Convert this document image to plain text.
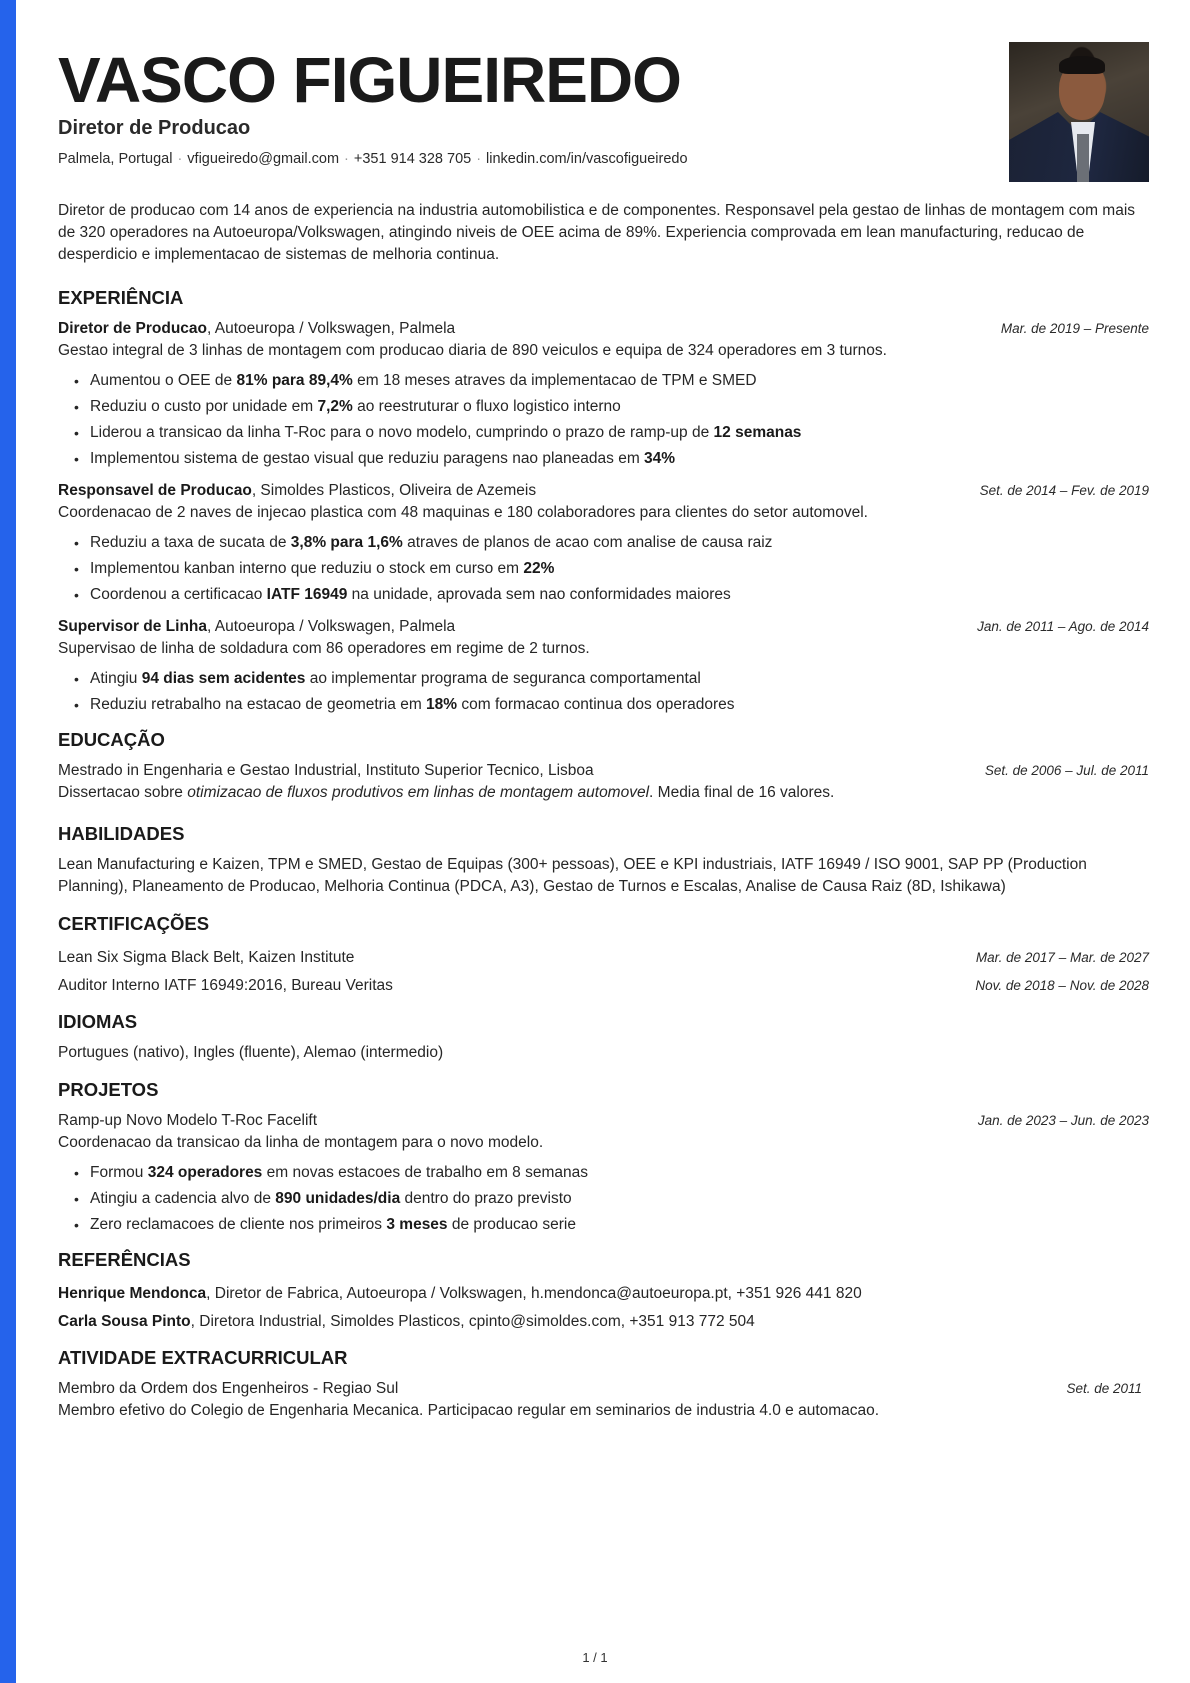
VASCO FIGUEIREDO
Diretor de Producao
Palmela, Portugal · vfigueiredo@gmail.com · +351 914 328 705 · linkedin.com/in/vascofigueiredo

Diretor de producao com 14 anos de experiencia na industria automobilistica e de componentes. Responsavel pela gestao de linhas de montagem com mais de 320 operadores na Autoeuropa/Volkswagen, atingindo niveis de OEE acima de 89%. Experiencia comprovada em lean manufacturing, reducao de desperdicio e implementacao de sistemas de melhoria continua.

EXPERIÊNCIA
Diretor de Producao, Autoeuropa / Volkswagen, Palmela	Mar. de 2019 – Presente
Gestao integral de 3 linhas de montagem com producao diaria de 890 veiculos e equipa de 324 operadores em 3 turnos.
• Aumentou o OEE de 81% para 89,4% em 18 meses atraves da implementacao de TPM e SMED
• Reduziu o custo por unidade em 7,2% ao reestruturar o fluxo logistico interno
• Liderou a transicao da linha T-Roc para o novo modelo, cumprindo o prazo de ramp-up de 12 semanas
• Implementou sistema de gestao visual que reduziu paragens nao planeadas em 34%
Responsavel de Producao, Simoldes Plasticos, Oliveira de Azemeis	Set. de 2014 – Fev. de 2019
Coordenacao de 2 naves de injecao plastica com 48 maquinas e 180 colaboradores para clientes do setor automovel.
• Reduziu a taxa de sucata de 3,8% para 1,6% atraves de planos de acao com analise de causa raiz
• Implementou kanban interno que reduziu o stock em curso em 22%
• Coordenou a certificacao IATF 16949 na unidade, aprovada sem nao conformidades maiores
Supervisor de Linha, Autoeuropa / Volkswagen, Palmela	Jan. de 2011 – Ago. de 2014
Supervisao de linha de soldadura com 86 operadores em regime de 2 turnos.
• Atingiu 94 dias sem acidentes ao implementar programa de seguranca comportamental
• Reduziu retrabalho na estacao de geometria em 18% com formacao continua dos operadores
EDUCAÇÃO
Mestrado in Engenharia e Gestao Industrial, Instituto Superior Tecnico, Lisboa	Set. de 2006 – Jul. de 2011
Dissertacao sobre otimizacao de fluxos produtivos em linhas de montagem automovel. Media final de 16 valores.
HABILIDADES

Lean Manufacturing e Kaizen, TPM e SMED, Gestao de Equipas (300+ pessoas), OEE e KPI industriais, IATF 16949 / ISO 9001, SAP PP (Production Planning), Planeamento de Producao, Melhoria Continua (PDCA, A3), Gestao de Turnos e Escalas, Analise de Causa Raiz (8D, Ishikawa)

CERTIFICAÇÕES
Lean Six Sigma Black Belt, Kaizen Institute	Mar. de 2017 – Mar. de 2027
Auditor Interno IATF 16949:2016, Bureau Veritas	Nov. de 2018 – Nov. de 2028
IDIOMAS

Portugues (nativo), Ingles (fluente), Alemao (intermedio)

PROJETOS
Ramp-up Novo Modelo T-Roc Facelift	Jan. de 2023 – Jun. de 2023
Coordenacao da transicao da linha de montagem para o novo modelo.
• Formou 324 operadores em novas estacoes de trabalho em 8 semanas
• Atingiu a cadencia alvo de 890 unidades/dia dentro do prazo previsto
• Zero reclamacoes de cliente nos primeiros 3 meses de producao serie
REFERÊNCIAS
Henrique Mendonca, Diretor de Fabrica, Autoeuropa / Volkswagen, h.mendonca@autoeuropa.pt, +351 926 441 820
Carla Sousa Pinto, Diretora Industrial, Simoldes Plasticos, cpinto@simoldes.com, +351 913 772 504
ATIVIDADE EXTRACURRICULAR
Membro da Ordem dos Engenheiros - Regiao Sul	Set. de 2011
Membro efetivo do Colegio de Engenharia Mecanica. Participacao regular em seminarios de industria 4.0 e automacao.
1 / 1
